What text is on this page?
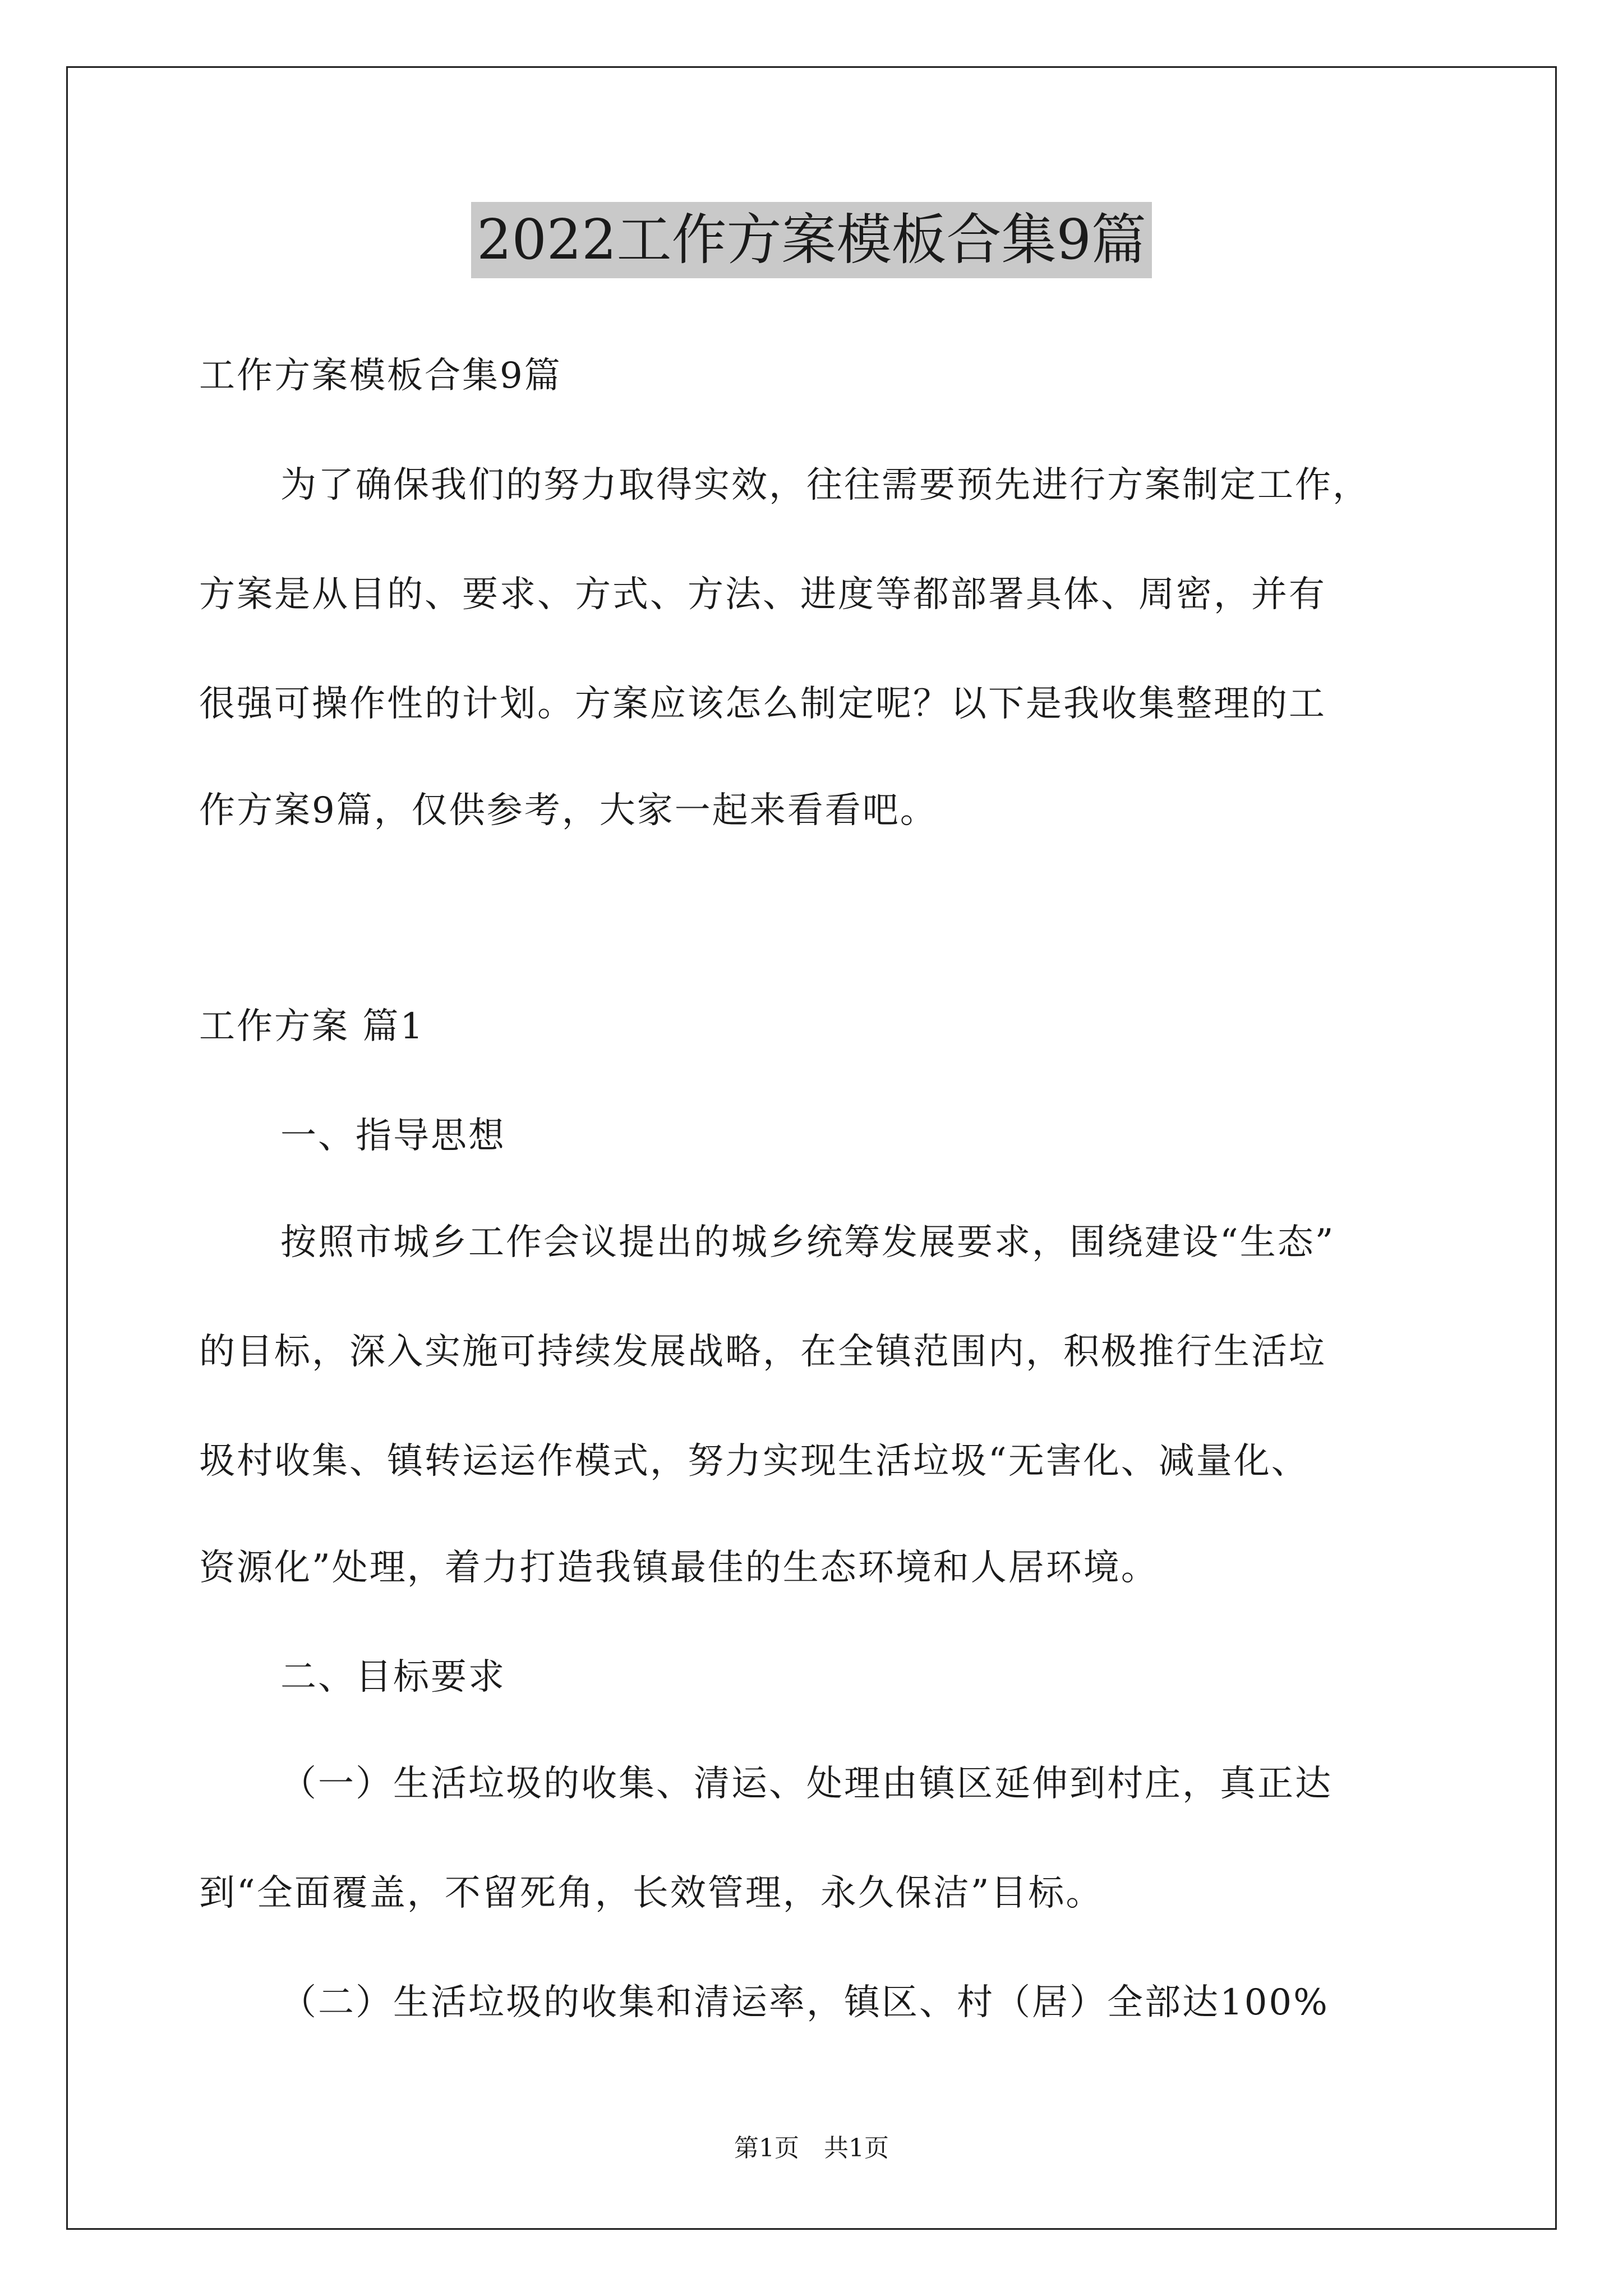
2022工作方案模板合集9篇
工作方案模板合集9篇
为了确保我们的努力取得实效，往往需要预先进行方案制定工作，
方案是从目的、要求、方式、方法、进度等都部署具体、周密，并有
很强可操作性的计划。方案应该怎么制定呢？以下是我收集整理的工
作方案9篇，仅供参考，大家一起来看看吧。
工作方案 篇1
一、指导思想
按照市城乡工作会议提出的城乡统筹发展要求，围绕建设“生态”
的目标，深入实施可持续发展战略，在全镇范围内，积极推行生活垃
圾村收集、镇转运运作模式，努力实现生活垃圾“无害化、减量化、
资源化”处理，着力打造我镇最佳的生态环境和人居环境。
二、目标要求
（一）生活垃圾的收集、清运、处理由镇区延伸到村庄，真正达
到“全面覆盖，不留死角，长效管理，永久保洁”目标。
（二）生活垃圾的收集和清运率，镇区、村（居）全部达100%
第1页　共1页
